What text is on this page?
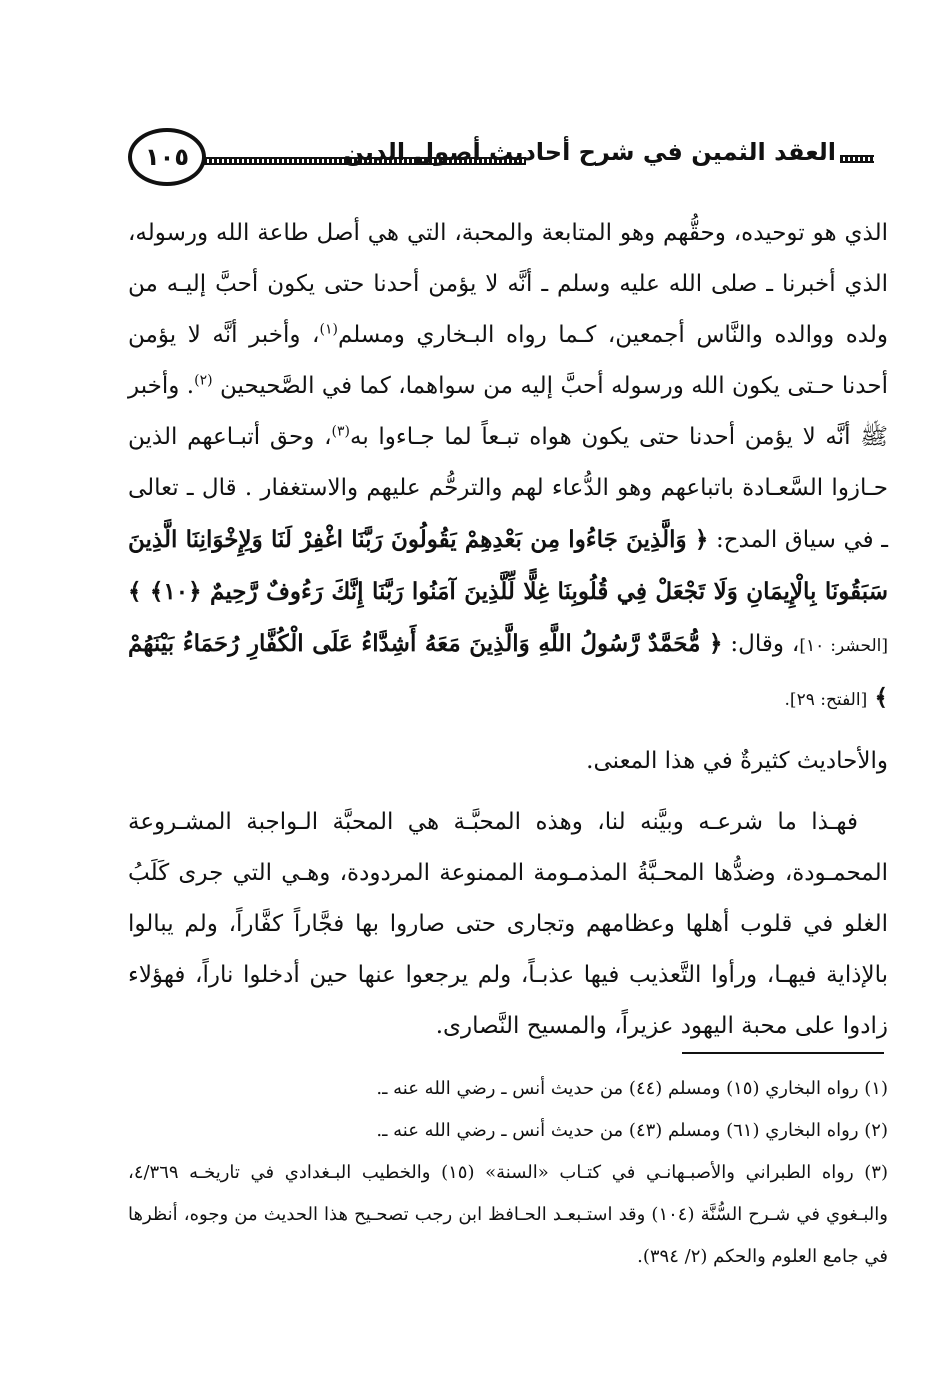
١٠٥	العقد الثمين في شرح أحاديث أصول الدين

الذي هو توحيده، وحقُّهم وهو المتابعة والمحبة، التي هي أصل طاعة الله ورسوله، الذي أخبرنا ـ صلى الله عليه وسلم ـ أنَّه لا يؤمن أحدنا حتى يكون أحبَّ إليـه من ولده ووالده والنَّاس أجمعين، كـما رواه البـخاري ومسلم$^{(١)}$، وأخبر أنَّه لا يؤمن أحدنا حـتى يكون الله ورسوله أحبَّ إليه من سواهما، كما في الصَّحيحين $^{(٢)}$. وأخبر ﷺ أنَّه لا يؤمن أحدنا حتى يكون هواه تبـعاً لما جـاءوا به$^{(٣)}$، وحق أتبـاعهم الذين حـازوا السَّعـادة باتباعهم وهو الدُّعاء لهم والترحُّم عليهم والاستغفار . قال ـ تعالى ـ في سياق المدح: ﴿ وَالَّذِينَ جَاءُوا مِن بَعْدِهِمْ يَقُولُونَ رَبَّنَا اغْفِرْ لَنَا وَلِإِخْوَانِنَا الَّذِينَ سَبَقُونَا بِالْإِيمَانِ وَلَا تَجْعَلْ فِي قُلُوبِنَا غِلًّا لِّلَّذِينَ آمَنُوا رَبَّنَا إِنَّكَ رَءُوفٌ رَّحِيمٌ ﴿١٠﴾ ﴾[الحشر: ١٠]، وقال: ﴿ مُّحَمَّدٌ رَّسُولُ اللَّهِ وَالَّذِينَ مَعَهُ أَشِدَّاءُ عَلَى الْكُفَّارِ رُحَمَاءُ بَيْنَهُمْ ﴾ [الفتح: ٢٩].

والأحاديث كثيرةٌ في هذا المعنى.

فهـذا ما شرعـه وبيَّنه لنا، وهذه المحبَّـة هي المحبَّة الـواجبة المشـروعة المحمـودة، وضدُّها المحـبَّةُ المذمـومة الممنوعة المردودة، وهـي التي جرى كَلَبُ الغلو في قلوب أهلها وعظامهم وتجارى حتى صاروا بها فجَّاراً كفَّاراً، ولم يبالوا بالإذاية فيهـا، ورأوا التَّعذيب فيها عذبـاً، ولم يرجعوا عنها حين أدخلوا ناراً، فهؤلاء زادوا على محبة اليهود عزيراً، والمسيح النَّصارى.

(١) رواه البخاري (١٥) ومسلم (٤٤) من حديث أنس ـ رضي الله عنه ـ.

(٢) رواه البخاري (٦١) ومسلم (٤٣) من حديث أنس ـ رضي الله عنه ـ.

(٣) رواه الطبراني والأصبـهانـي في كتـاب «السنة» (١٥) والخطيب البـغدادي في تاريخـه ٤/٣٦٩، والبـغوي في شـرح السُّنَّة (١٠٤) وقد استـبعـد الحـافظ ابن رجب تصحـيح هذا الحديث من وجوه، أنظرها في جامع العلوم والحكم (٢/ ٣٩٤).
